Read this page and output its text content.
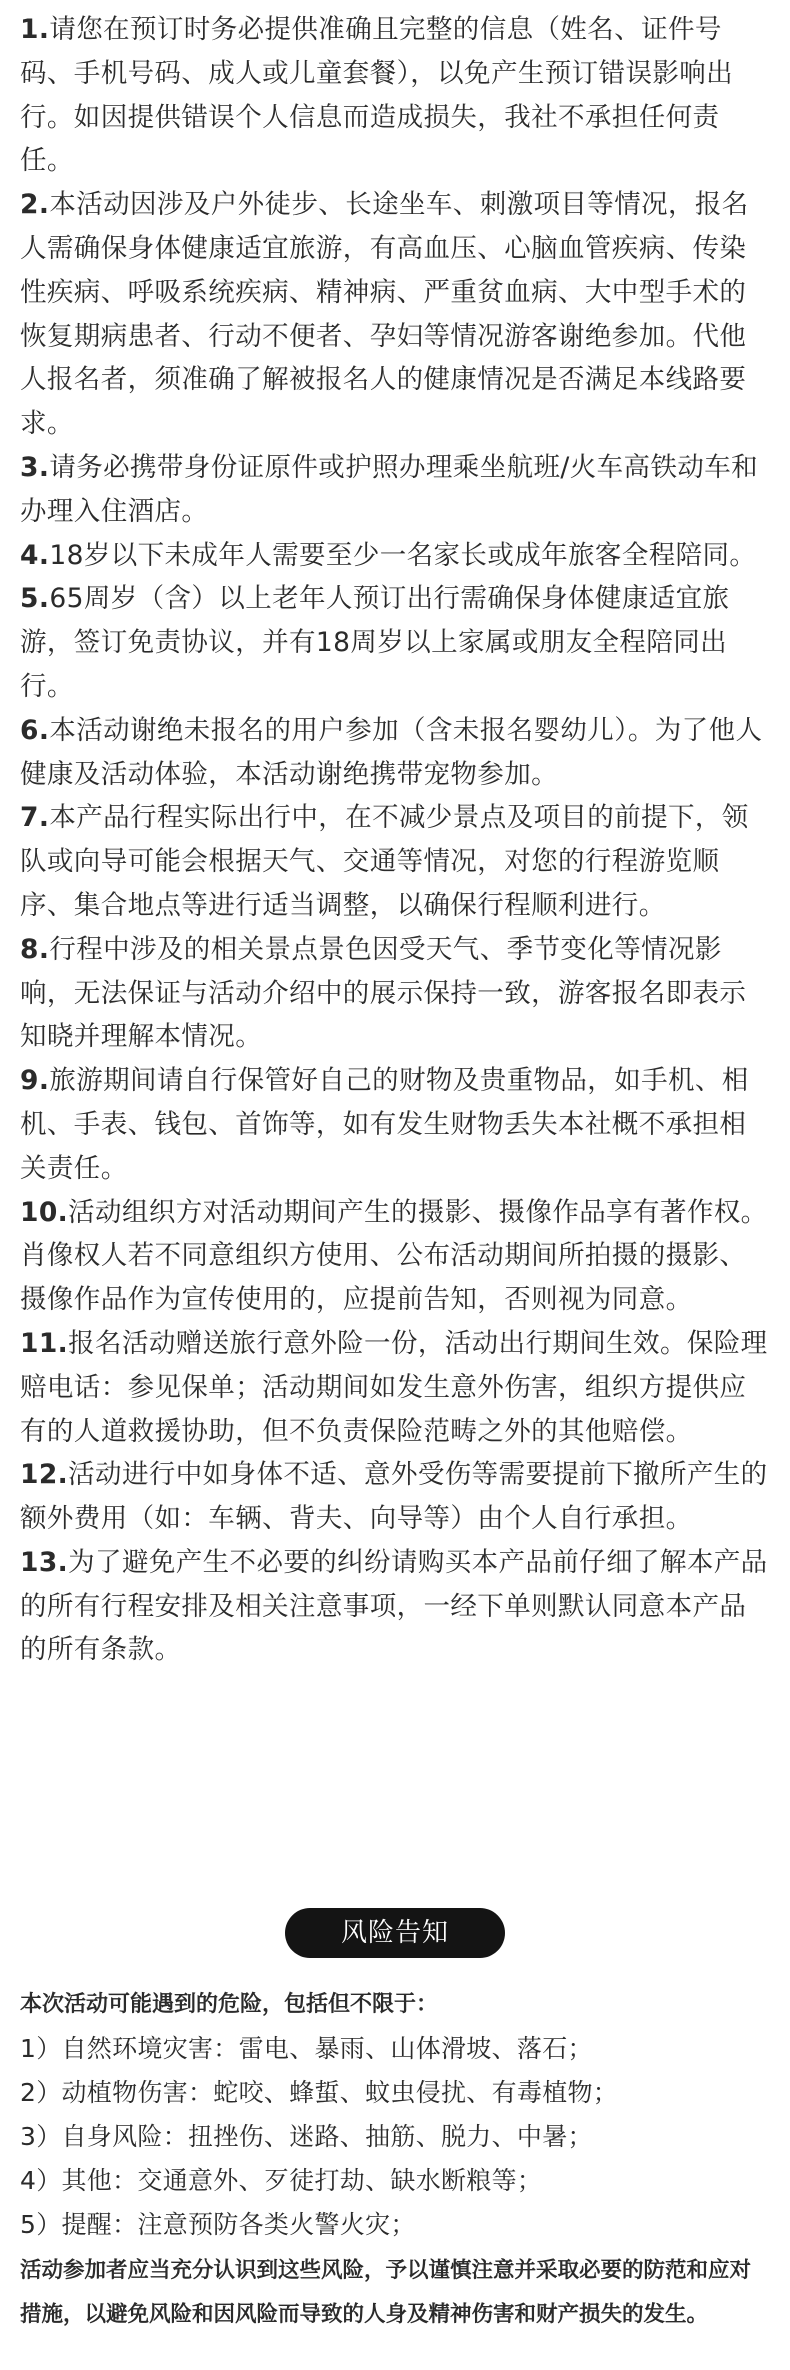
1.请您在预订时务必提供准确且完整的信息（姓名、证件号码、手机号码、成人或儿童套餐），以免产生预订错误影响出行。如因提供错误个人信息而造成损失，我社不承担任何责任。
2.本活动因涉及户外徒步、长途坐车、刺激项目等情况，报名人需确保身体健康适宜旅游，有高血压、心脑血管疾病、传染性疾病、呼吸系统疾病、精神病、严重贫血病、大中型手术的恢复期病患者、行动不便者、孕妇等情况游客谢绝参加。代他人报名者，须准确了解被报名人的健康情况是否满足本线路要求。
3.请务必携带身份证原件或护照办理乘坐航班/火车高铁动车和办理入住酒店。
4.18岁以下未成年人需要至少一名家长或成年旅客全程陪同。
5.65周岁（含）以上老年人预订出行需确保身体健康适宜旅游，签订免责协议，并有18周岁以上家属或朋友全程陪同出行。
6.本活动谢绝未报名的用户参加（含未报名婴幼儿）。为了他人健康及活动体验，本活动谢绝携带宠物参加。
7.本产品行程实际出行中，在不减少景点及项目的前提下，领队或向导可能会根据天气、交通等情况，对您的行程游览顺序、集合地点等进行适当调整，以确保行程顺利进行。
8.行程中涉及的相关景点景色因受天气、季节变化等情况影响，无法保证与活动介绍中的展示保持一致，游客报名即表示知晓并理解本情况。
9.旅游期间请自行保管好自己的财物及贵重物品，如手机、相机、手表、钱包、首饰等，如有发生财物丢失本社概不承担相关责任。
10.活动组织方对活动期间产生的摄影、摄像作品享有著作权。肖像权人若不同意组织方使用、公布活动期间所拍摄的摄影、摄像作品作为宣传使用的，应提前告知，否则视为同意。
11.报名活动赠送旅行意外险一份，活动出行期间生效。保险理赔电话：参见保单；活动期间如发生意外伤害，组织方提供应有的人道救援协助，但不负责保险范畴之外的其他赔偿。
12.活动进行中如身体不适、意外受伤等需要提前下撤所产生的额外费用（如：车辆、背夫、向导等）由个人自行承担。
13.为了避免产生不必要的纠纷请购买本产品前仔细了解本产品的所有行程安排及相关注意事项，一经下单则默认同意本产品的所有条款。
风险告知

本次活动可能遇到的危险，包括但不限于：

1）自然环境灾害：雷电、暴雨、山体滑坡、落石；
2）动植物伤害：蛇咬、蜂蜇、蚊虫侵扰、有毒植物；
3）自身风险：扭挫伤、迷路、抽筋、脱力、中暑；
4）其他：交通意外、歹徒打劫、缺水断粮等；
5）提醒：注意预防各类火警火灾；

活动参加者应当充分认识到这些风险，予以谨慎注意并采取必要的防范和应对措施，以避免风险和因风险而导致的人身及精神伤害和财产损失的发生。
